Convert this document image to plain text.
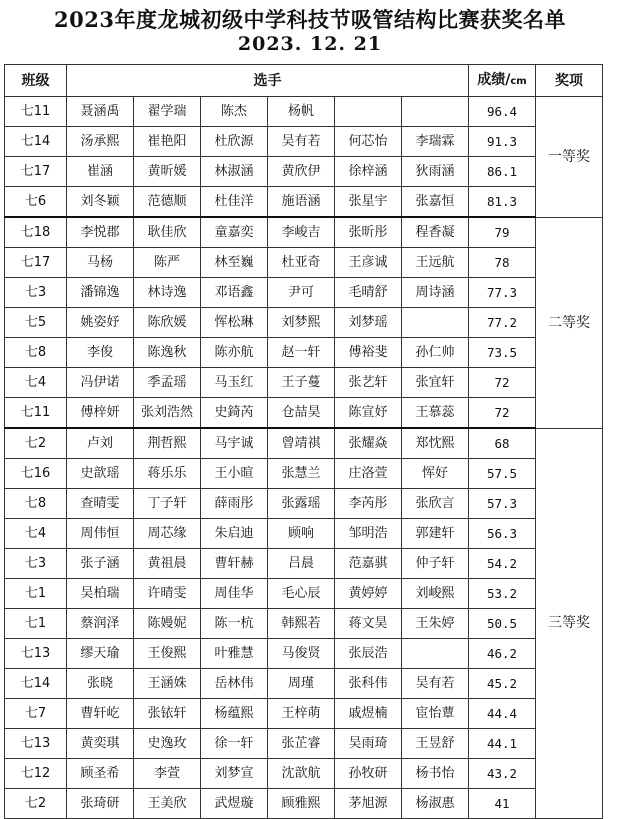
2023年度龙城初级中学科技节吸管结构比赛获奖名单
2023. 12. 21
班级	选手						成绩/cm	奖项
七11	聂涵禹	翟学瑞	陈杰	杨帆			96.4	一等奖
七14	汤承熙	崔艳阳	杜欣源	吴有若	何芯怡	李瑞霖	91.3	
七17	崔涵	黄昕媛	林淑涵	黄欣伊	徐梓涵	狄雨涵	86.1	
七6	刘冬颖	范德顺	杜佳洋	施语涵	张星宇	张嘉恒	81.3	
七18	李悦郡	耿佳欣	童嘉奕	李峻吉	张昕彤	程香凝	79	二等奖
七17	马杨	陈严	林至巍	杜亚奇	王彦诚	王远航	78	
七3	潘锦逸	林诗逸	邓语鑫	尹可	毛晴舒	周诗涵	77.3	
七5	姚姿妤	陈欣媛	恽松琳	刘梦熙	刘梦瑶		77.2	
七8	李俊	陈逸秋	陈亦航	赵一轩	傅裕斐	孙仁帅	73.5	
七4	冯伊诺	季孟瑶	马玉红	王子蔓	张艺轩	张宜轩	72	
七11	傅梓妍	张刘浩然	史錡芮	仓喆昊	陈宣妤	王慕蕊	72	
七2	卢刘	荆哲熙	马宇诚	曾靖祺	张耀焱	郑忱熙	68	三等奖
七16	史歆瑶	蒋乐乐	王小暄	张慧兰	庄洛萱	恽好	57.5	
七8	查晴雯	丁子轩	薛雨彤	张露瑶	李芮彤	张欣言	57.3	
七4	周伟恒	周芯缘	朱启迪	顾响	邹明浩	郭建轩	56.3	
七3	张子涵	黄祖晨	曹轩赫	吕晨	范嘉骐	仲子轩	54.2	
七1	吴柏瑞	许晴雯	周佳华	毛心辰	黄婷婷	刘峻熙	53.2	
七1	蔡润泽	陈嫚妮	陈一杭	韩熙若	蒋文昊	王朱婷	50.5	
七13	缪天瑜	王俊熙	叶雅慧	马俊贤	张辰浩		46.2	
七14	张晓	王涵姝	岳林伟	周瑾	张科伟	吴有若	45.2	
七7	曹轩屹	张铱轩	杨蕴熙	王梓萌	戚煜楠	宦怡蕈	44.4	
七13	黄奕琪	史逸玫	徐一轩	张芷睿	吴雨琦	王昱舒	44.1	
七12	顾圣希	李萱	刘梦宣	沈歆航	孙牧研	杨书怡	43.2	
七2	张琦研	王美欣	武煜璇	顾雅熙	茅旭源	杨淑惠	41	
